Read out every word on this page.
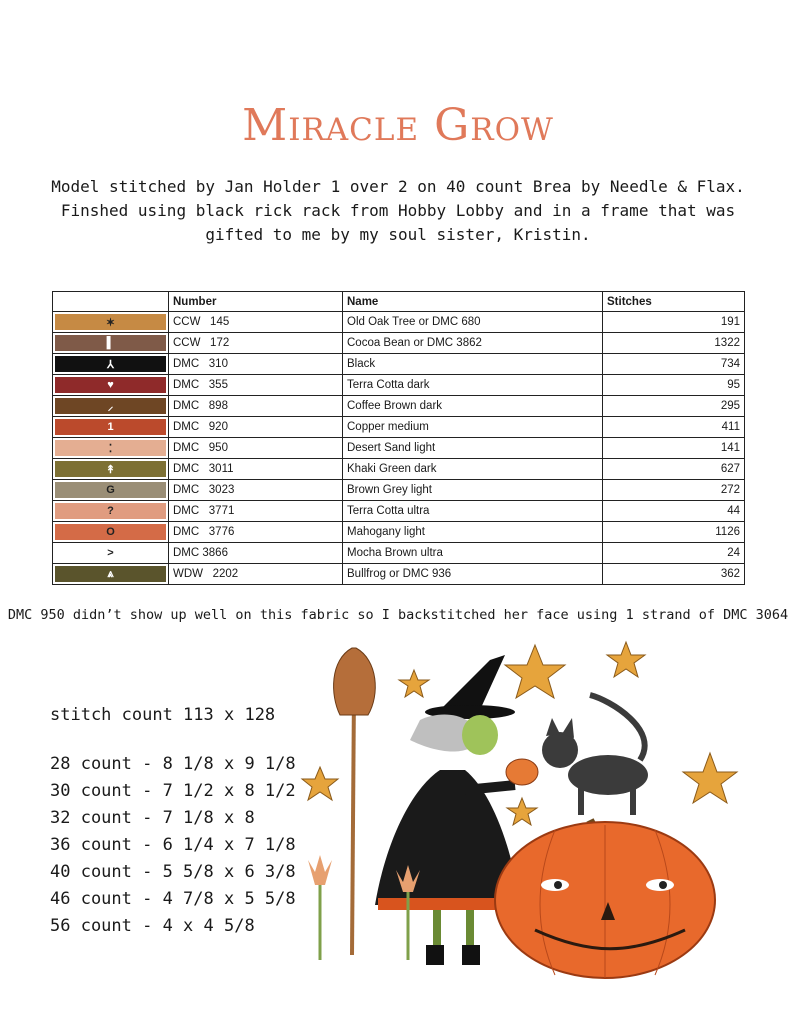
Miracle Grow
Model stitched by Jan Holder 1 over 2 on 40 count Brea by Needle & Flax.
Finshed using black rick rack from Hobby Lobby and in a frame that was
gifted to me by my soul sister, Kristin.
	Number	Name	Stitches

✶	CCW   145	Old Oak Tree or DMC 680	191

▌	CCW   172	Cocoa Bean or DMC 3862	1322

⅄	DMC   310	Black	734

♥	DMC   355	Terra Cotta dark	95

⸝	DMC   898	Coffee Brown dark	295

1	DMC   920	Copper medium	411

⁚	DMC   950	Desert Sand light	141

↟	DMC   3011	Khaki Green dark	627

G	DMC   3023	Brown Grey light	272

?	DMC   3771	Terra Cotta ultra	44

O	DMC   3776	Mahogany light	1126

>	DMC 3866	Mocha Brown ultra	24

⩓	WDW   2202	Bullfrog or DMC 936	362
DMC 950 didn’t show up well on this fabric so I backstitched her face using 1 strand of DMC 3064
stitch count 113 x 128
28 count - 8 1/8 x 9 1/8
30 count - 7 1/2 x 8 1/2
32 count - 7 1/8 x 8
36 count - 6 1/4 x 7 1/8
40 count - 5 5/8 x 6 3/8
46 count - 4 7/8 x 5 5/8
56 count - 4 x 4 5/8
